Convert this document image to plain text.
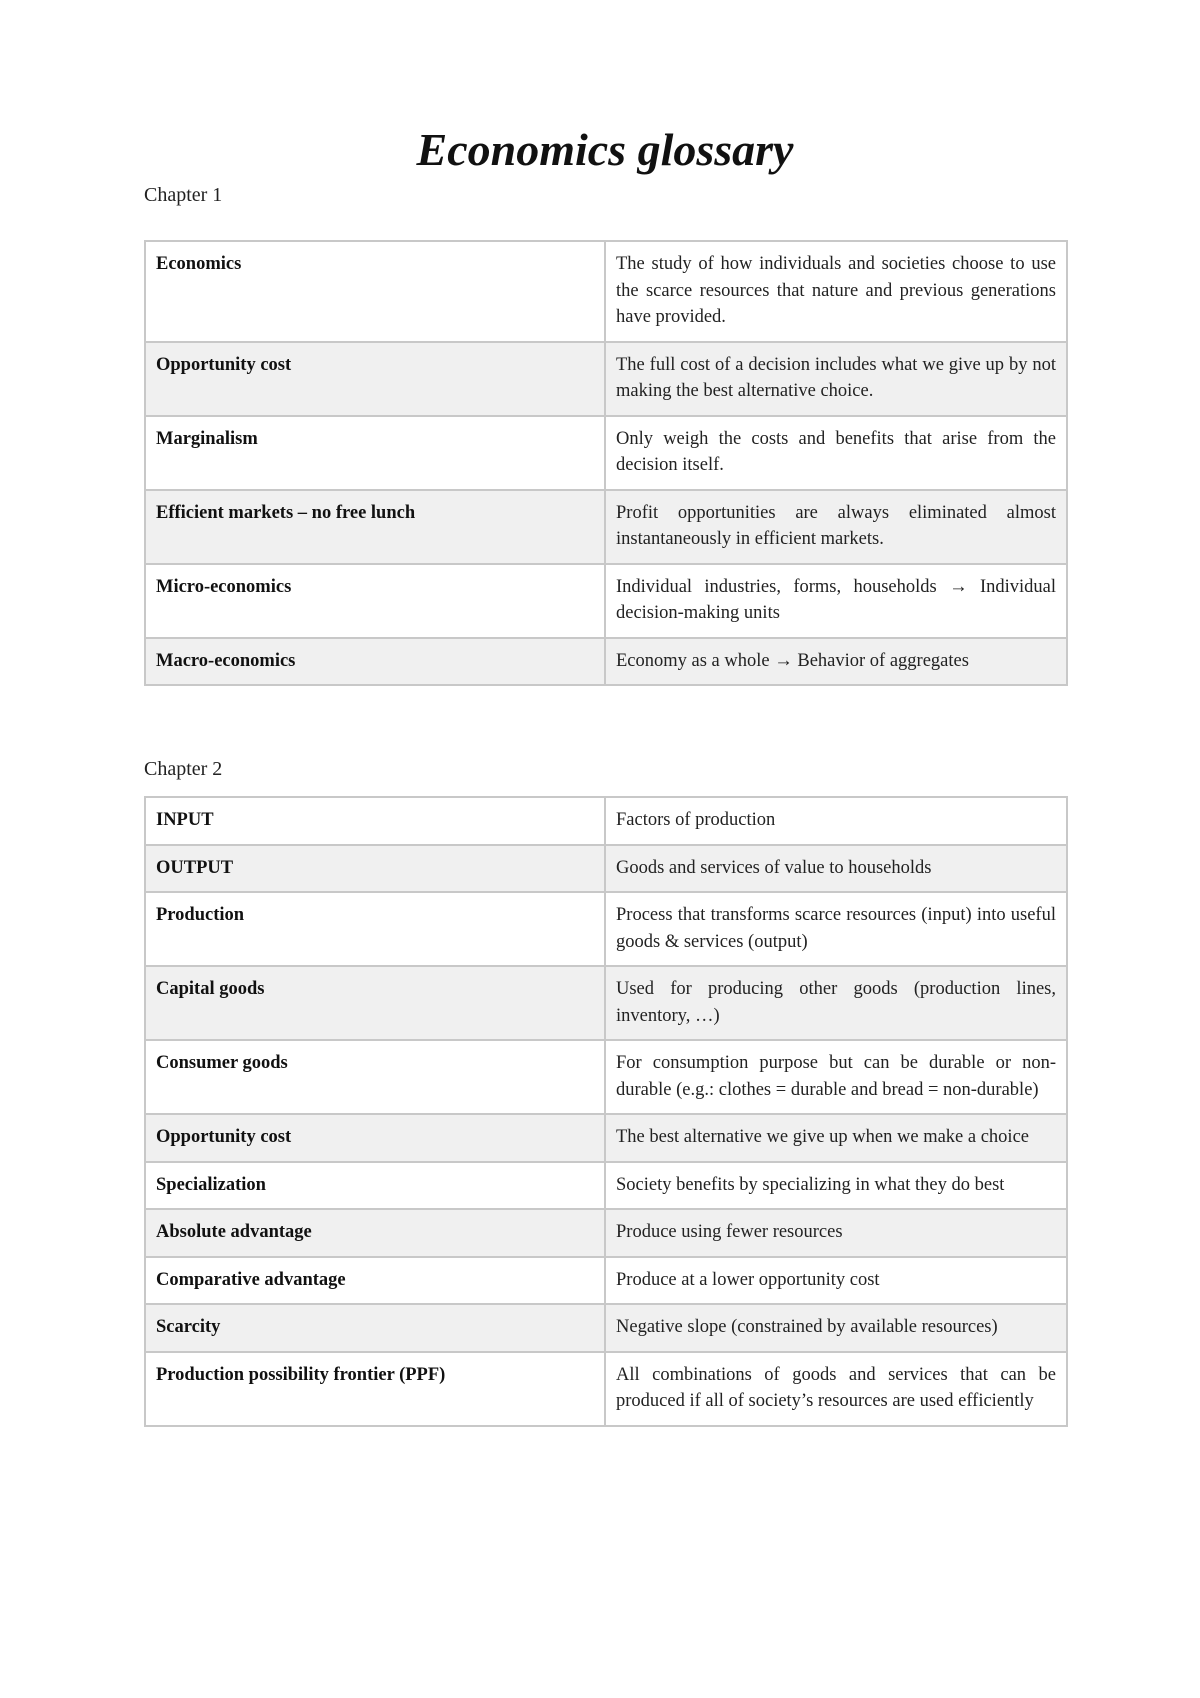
Economics glossary
Chapter 1
Economics	The study of how individuals and societies choose to use the scarce resources that nature and previous generations have provided.
Opportunity cost	The full cost of a decision includes what we give up by not making the best alternative choice.
Marginalism	Only weigh the costs and benefits that arise from the decision itself.
Efficient markets – no free lunch	Profit opportunities are always eliminated almost instantaneously in efficient markets.
Micro-economics	Individual industries, forms, households → Individual decision-making units
Macro-economics	Economy as a whole → Behavior of aggregates
Chapter 2
INPUT	Factors of production
OUTPUT	Goods and services of value to households
Production	Process that transforms scarce resources (input) into useful goods & services (output)
Capital goods	Used for producing other goods (production lines, inventory, …)
Consumer goods	For consumption purpose but can be durable or non-durable (e.g.: clothes = durable and bread = non-durable)
Opportunity cost	The best alternative we give up when we make a choice
Specialization	Society benefits by specializing in what they do best
Absolute advantage	Produce using fewer resources
Comparative advantage	Produce at a lower opportunity cost
Scarcity	Negative slope (constrained by available resources)
Production possibility frontier (PPF)	All combinations of goods and services that can be produced if all of society’s resources are used efficiently
